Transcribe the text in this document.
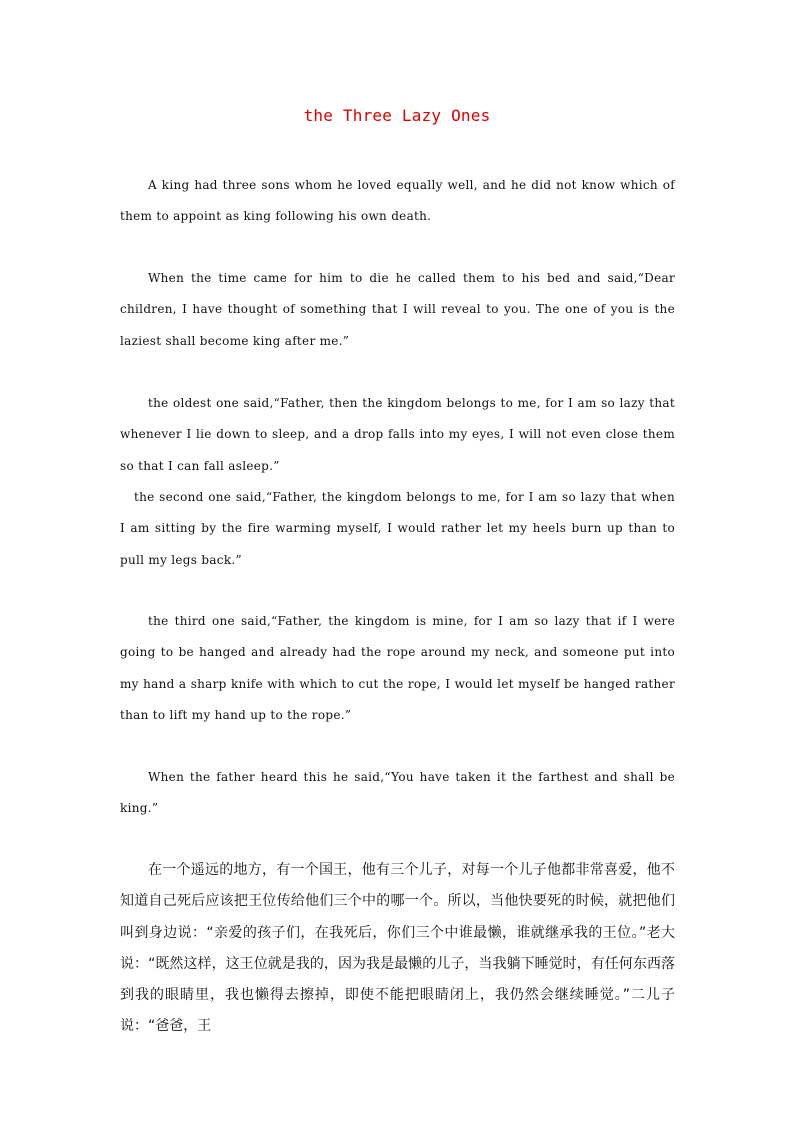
the Three Lazy Ones

A king had three sons whom he loved equally well, and he did not know which of them to appoint as king following his own death.

When the time came for him to die he called them to his bed and said,“Dear children, I have thought of something that I will reveal to you. The one of you is the laziest shall become king after me.”

the oldest one said,“Father, then the kingdom belongs to me, for I am so lazy that whenever I lie down to sleep, and a drop falls into my eyes, I will not even close them so that I can fall asleep.”

the second one said,“Father, the kingdom belongs to me, for I am so lazy that when I am sitting by the fire warming myself, I would rather let my heels burn up than to pull my legs back.”

the third one said,“Father, the kingdom is mine, for I am so lazy that if I were going to be hanged and already had the rope around my neck, and someone put into my hand a sharp knife with which to cut the rope, I would let myself be hanged rather than to lift my hand up to the rope.”

When the father heard this he said,“You have taken it the farthest and shall be king.”

在一个遥远的地方，有一个国王，他有三个儿子，对每一个儿子他都非常喜爱，他不知道自己死后应该把王位传给他们三个中的哪一个。所以，当他快要死的时候，就把他们叫到身边说：“亲爱的孩子们，在我死后，你们三个中谁最懒，谁就继承我的王位。”老大说：“既然这样，这王位就是我的，因为我是最懒的儿子，当我躺下睡觉时，有任何东西落到我的眼睛里，我也懒得去擦掉，即使不能把眼睛闭上，我仍然会继续睡觉。”二儿子说：“爸爸，王
